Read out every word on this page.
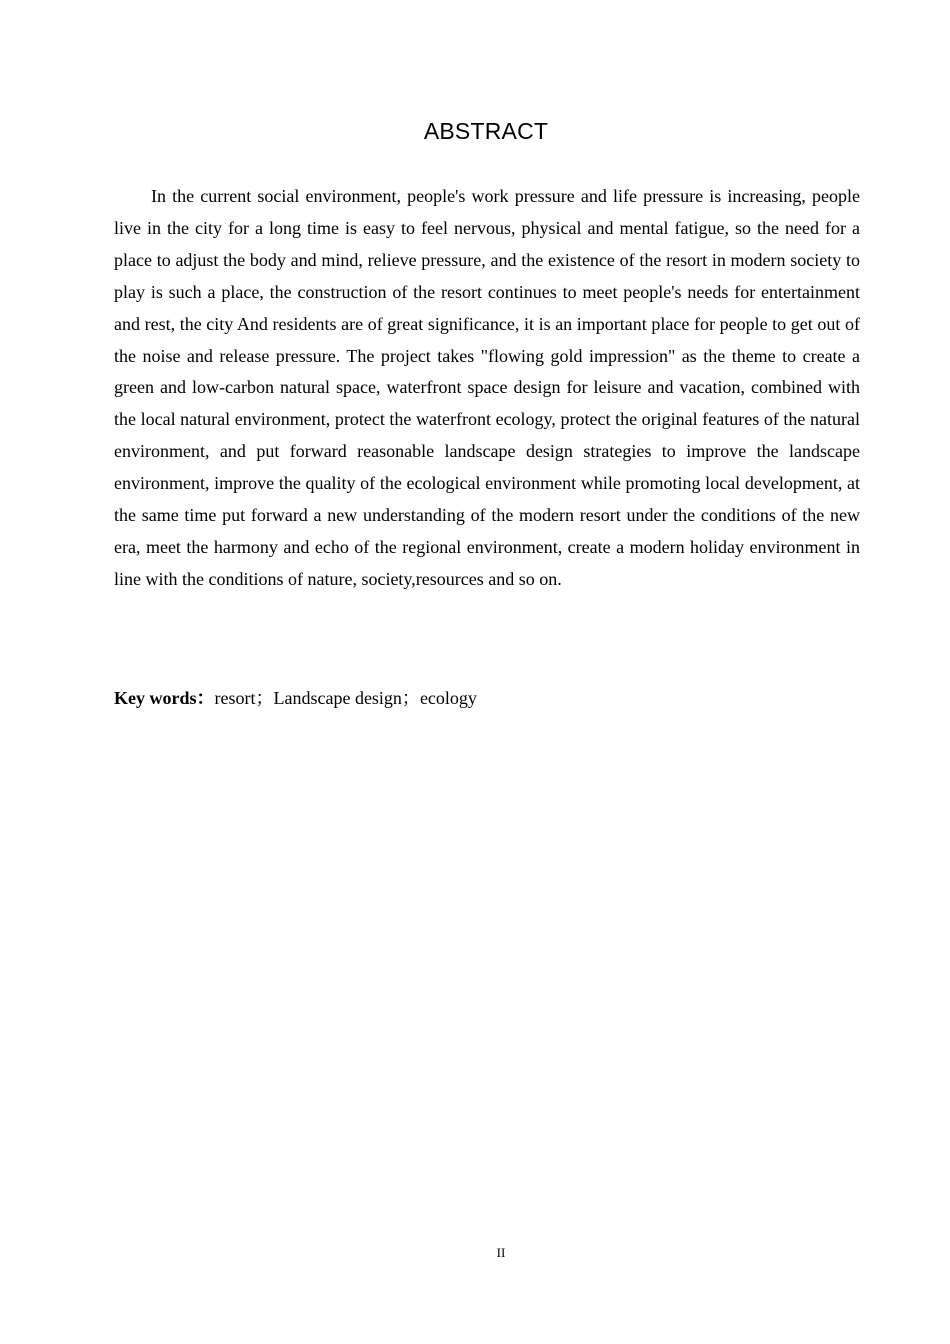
ABSTRACT

In the current social environment, people's work pressure and life pressure is increasing, people live in the city for a long time is easy to feel nervous, physical and mental fatigue, so the need for a place to adjust the body and mind, relieve pressure, and the existence of the resort in modern society to play is such a place, the construction of the resort continues to meet people's needs for entertainment and rest, the city And residents are of great significance, it is an important place for people to get out of the noise and release pressure. The project takes "flowing gold impression" as the theme to create a green and low-carbon natural space, waterfront space design for leisure and vacation, combined with the local natural environment, protect the waterfront ecology, protect the original features of the natural environment, and put forward reasonable landscape design strategies to improve the landscape environment, improve the quality of the ecological environment while promoting local development, at the same time put forward a new understanding of the modern resort under the conditions of the new era, meet the harmony and echo of the regional environment, create a modern holiday environment in line with the conditions of nature, society,resources and so on.

Key words：resort；Landscape design；ecology

II
